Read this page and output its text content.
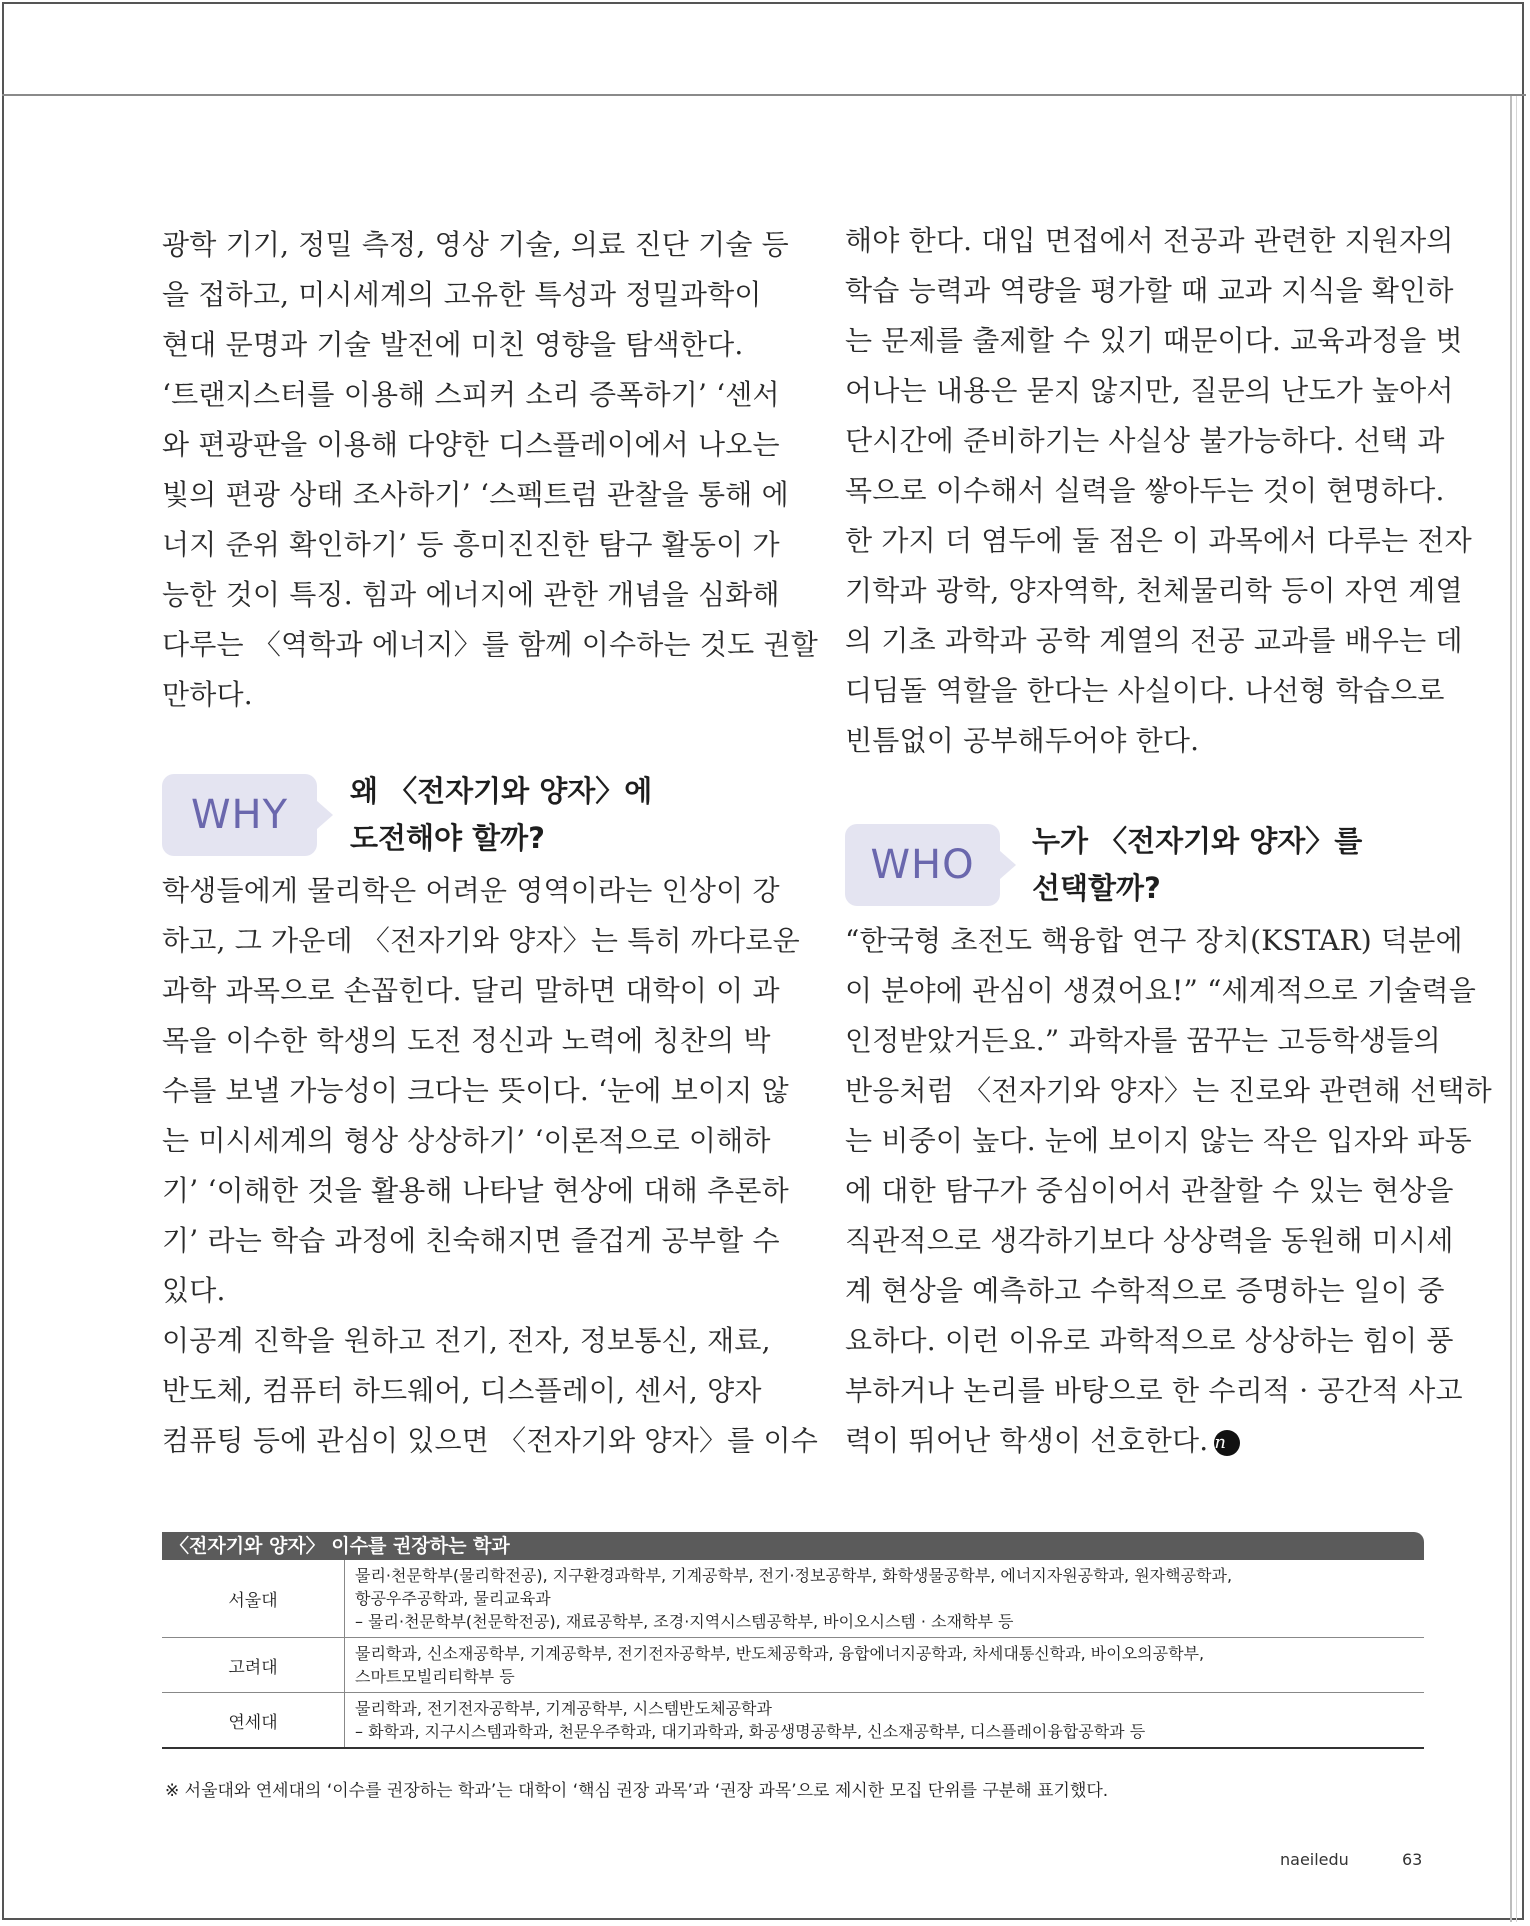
광학 기기, 정밀 측정, 영상 기술, 의료 진단 기술 등
을 접하고, 미시세계의 고유한 특성과 정밀과학이
현대 문명과 기술 발전에 미친 영향을 탐색한다.
‘트랜지스터를 이용해 스피커 소리 증폭하기’ ‘센서
와 편광판을 이용해 다양한 디스플레이에서 나오는
빛의 편광 상태 조사하기’ ‘스펙트럼 관찰을 통해 에
너지 준위 확인하기’ 등 흥미진진한 탐구 활동이 가
능한 것이 특징. 힘과 에너지에 관한 개념을 심화해
다루는 〈역학과 에너지〉를 함께 이수하는 것도 권할
만하다.
WHY
왜 〈전자기와 양자〉에
도전해야 할까?
학생들에게 물리학은 어려운 영역이라는 인상이 강
하고, 그 가운데 〈전자기와 양자〉는 특히 까다로운
과학 과목으로 손꼽힌다. 달리 말하면 대학이 이 과
목을 이수한 학생의 도전 정신과 노력에 칭찬의 박
수를 보낼 가능성이 크다는 뜻이다. ‘눈에 보이지 않
는 미시세계의 형상 상상하기’ ‘이론적으로 이해하
기’ ‘이해한 것을 활용해 나타날 현상에 대해 추론하
기’ 라는 학습 과정에 친숙해지면 즐겁게 공부할 수
있다.
이공계 진학을 원하고 전기, 전자, 정보통신, 재료,
반도체, 컴퓨터 하드웨어, 디스플레이, 센서, 양자
컴퓨팅 등에 관심이 있으면 〈전자기와 양자〉를 이수
해야 한다. 대입 면접에서 전공과 관련한 지원자의
학습 능력과 역량을 평가할 때 교과 지식을 확인하
는 문제를 출제할 수 있기 때문이다. 교육과정을 벗
어나는 내용은 묻지 않지만, 질문의 난도가 높아서
단시간에 준비하기는 사실상 불가능하다. 선택 과
목으로 이수해서 실력을 쌓아두는 것이 현명하다.
한 가지 더 염두에 둘 점은 이 과목에서 다루는 전자
기학과 광학, 양자역학, 천체물리학 등이 자연 계열
의 기초 과학과 공학 계열의 전공 교과를 배우는 데
디딤돌 역할을 한다는 사실이다. 나선형 학습으로
빈틈없이 공부해두어야 한다.
WHO
누가 〈전자기와 양자〉를
선택할까?
“한국형 초전도 핵융합 연구 장치(KSTAR) 덕분에
이 분야에 관심이 생겼어요!” “세계적으로 기술력을
인정받았거든요.” 과학자를 꿈꾸는 고등학생들의
반응처럼 〈전자기와 양자〉는 진로와 관련해 선택하
는 비중이 높다. 눈에 보이지 않는 작은 입자와 파동
에 대한 탐구가 중심이어서 관찰할 수 있는 현상을
직관적으로 생각하기보다 상상력을 동원해 미시세
계 현상을 예측하고 수학적으로 증명하는 일이 중
요하다. 이런 이유로 과학적으로 상상하는 힘이 풍
부하거나 논리를 바탕으로 한 수리적 · 공간적 사고
력이 뛰어난 학생이 선호한다. n
〈전자기와 양자〉 이수를 권장하는 학과
서울대
물리·천문학부(물리학전공), 지구환경과학부, 기계공학부, 전기·정보공학부, 화학생물공학부, 에너지자원공학과, 원자핵공학과,
항공우주공학과, 물리교육과
– 물리·천문학부(천문학전공), 재료공학부, 조경·지역시스템공학부, 바이오시스템 · 소재학부 등
고려대
물리학과, 신소재공학부, 기계공학부, 전기전자공학부, 반도체공학과, 융합에너지공학과, 차세대통신학과, 바이오의공학부,
스마트모빌리티학부 등
연세대
물리학과, 전기전자공학부, 기계공학부, 시스템반도체공학과
– 화학과, 지구시스템과학과, 천문우주학과, 대기과학과, 화공생명공학부, 신소재공학부, 디스플레이융합공학과 등
※ 서울대와 연세대의 ‘이수를 권장하는 학과’는 대학이 ‘핵심 권장 과목’과 ‘권장 과목’으로 제시한 모집 단위를 구분해 표기했다.
naeiledu	63
